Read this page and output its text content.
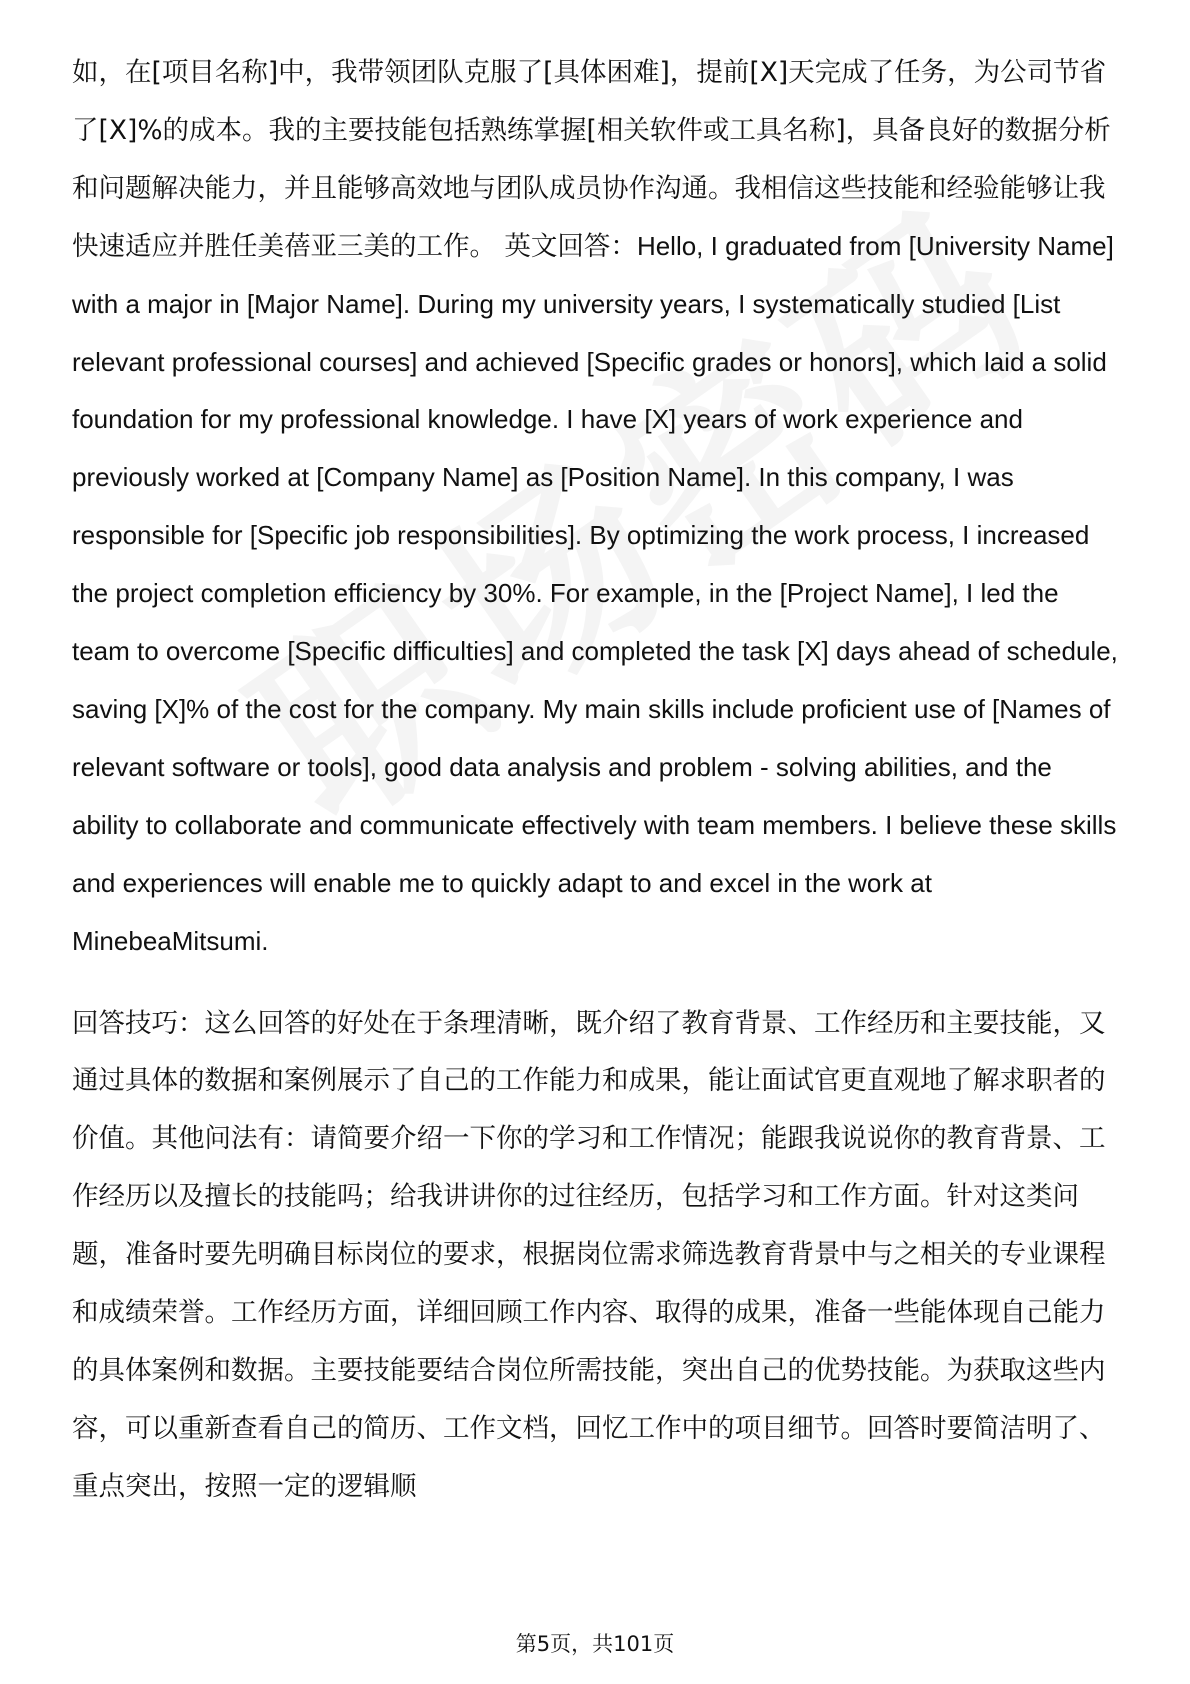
如，在[项目名称]中，我带领团队克服了[具体困难]，提前[X]天完成了任务，为公司节省了[X]%的成本。我的主要技能包括熟练掌握[相关软件或工具名称]，具备良好的数据分析和问题解决能力，并且能够高效地与团队成员协作沟通。我相信这些技能和经验能够让我快速适应并胜任美蓓亚三美的工作。 英文回答：Hello, I graduated from [University Name] with a major in [Major Name]. During my university years, I systematically studied [List relevant professional courses] and achieved [Specific grades or honors], which laid a solid foundation for my professional knowledge. I have [X] years of work experience and previously worked at [Company Name] as [Position Name]. In this company, I was responsible for [Specific job responsibilities]. By optimizing the work process, I increased the project completion efficiency by 30%. For example, in the [Project Name], I led the team to overcome [Specific difficulties] and completed the task [X] days ahead of schedule, saving [X]% of the cost for the company. My main skills include proficient use of [Names of relevant software or tools], good data analysis and problem - solving abilities, and the ability to collaborate and communicate effectively with team members. I believe these skills and experiences will enable me to quickly adapt to and excel in the work at MinebeaMitsumi.

回答技巧：这么回答的好处在于条理清晰，既介绍了教育背景、工作经历和主要技能，又通过具体的数据和案例展示了自己的工作能力和成果，能让面试官更直观地了解求职者的价值。其他问法有：请简要介绍一下你的学习和工作情况；能跟我说说你的教育背景、工作经历以及擅长的技能吗；给我讲讲你的过往经历，包括学习和工作方面。针对这类问题，准备时要先明确目标岗位的要求，根据岗位需求筛选教育背景中与之相关的专业课程和成绩荣誉。工作经历方面，详细回顾工作内容、取得的成果，准备一些能体现自己能力的具体案例和数据。主要技能要结合岗位所需技能，突出自己的优势技能。为获取这些内容，可以重新查看自己的简历、工作文档，回忆工作中的项目细节。回答时要简洁明了、重点突出，按照一定的逻辑顺

第5页，共101页
